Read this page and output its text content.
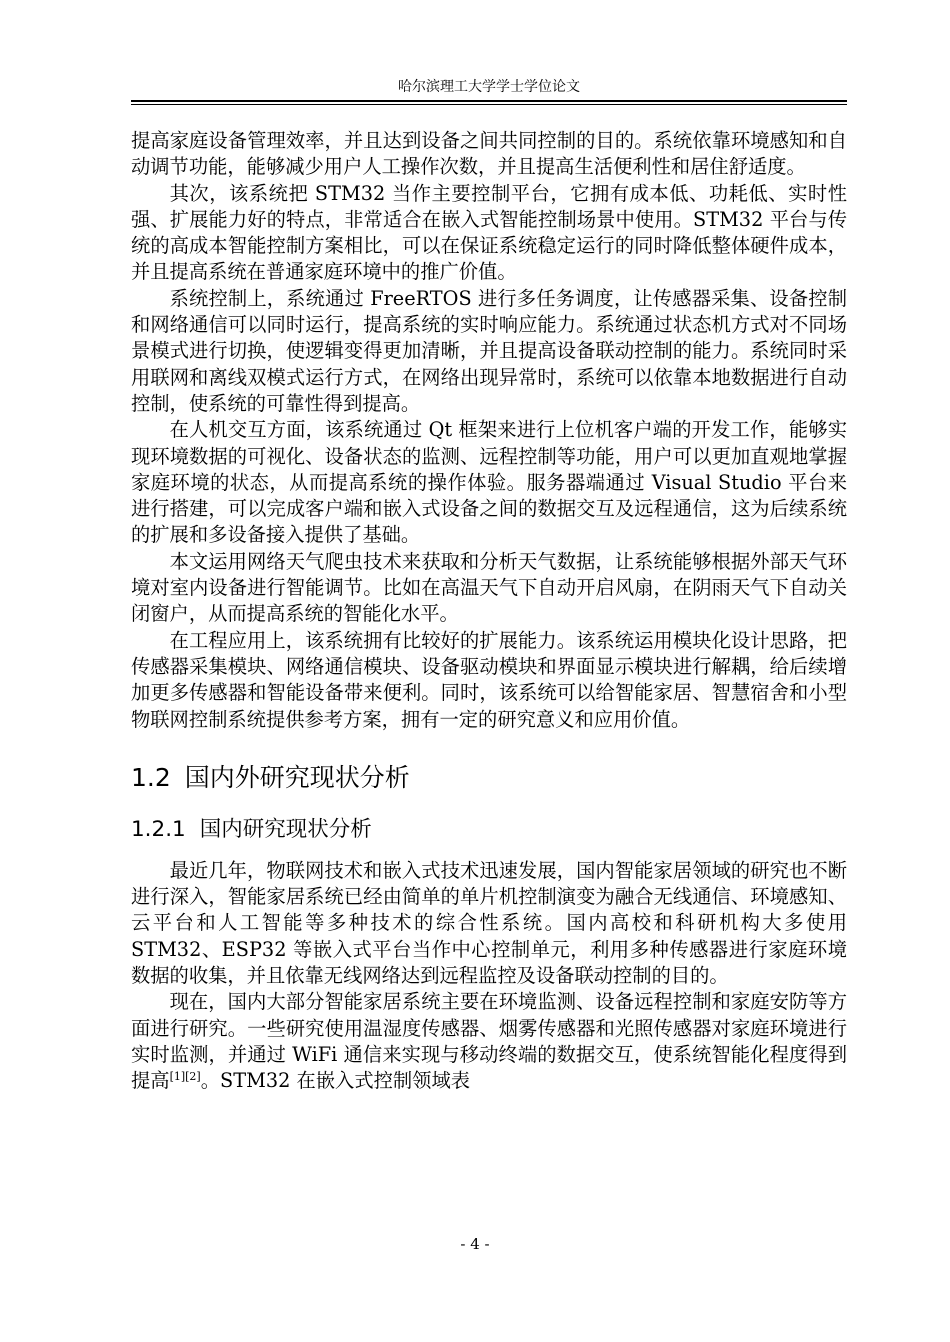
哈尔滨理工大学学士学位论文

提高家庭设备管理效率，并且达到设备之间共同控制的目的。系统依靠环境感知和自动调节功能，能够减少用户人工操作次数，并且提高生活便利性和居住舒适度。

其次，该系统把 STM32 当作主要控制平台，它拥有成本低、功耗低、实时性强、扩展能力好的特点，非常适合在嵌入式智能控制场景中使用。STM32 平台与传统的高成本智能控制方案相比，可以在保证系统稳定运行的同时降低整体硬件成本，并且提高系统在普通家庭环境中的推广价值。

系统控制上，系统通过 FreeRTOS 进行多任务调度，让传感器采集、设备控制和网络通信可以同时运行，提高系统的实时响应能力。系统通过状态机方式对不同场景模式进行切换，使逻辑变得更加清晰，并且提高设备联动控制的能力。系统同时采用联网和离线双模式运行方式，在网络出现异常时，系统可以依靠本地数据进行自动控制，使系统的可靠性得到提高。

在人机交互方面，该系统通过 Qt 框架来进行上位机客户端的开发工作，能够实现环境数据的可视化、设备状态的监测、远程控制等功能，用户可以更加直观地掌握家庭环境的状态，从而提高系统的操作体验。服务器端通过 Visual Studio 平台来进行搭建，可以完成客户端和嵌入式设备之间的数据交互及远程通信，这为后续系统的扩展和多设备接入提供了基础。

本文运用网络天气爬虫技术来获取和分析天气数据，让系统能够根据外部天气环境对室内设备进行智能调节。比如在高温天气下自动开启风扇，在阴雨天气下自动关闭窗户，从而提高系统的智能化水平。

在工程应用上，该系统拥有比较好的扩展能力。该系统运用模块化设计思路，把传感器采集模块、网络通信模块、设备驱动模块和界面显示模块进行解耦，给后续增加更多传感器和智能设备带来便利。同时，该系统可以给智能家居、智慧宿舍和小型物联网控制系统提供参考方案，拥有一定的研究意义和应用价值。

1.2 国内外研究现状分析
1.2.1 国内研究现状分析

最近几年，物联网技术和嵌入式技术迅速发展，国内智能家居领域的研究也不断进行深入，智能家居系统已经由简单的单片机控制演变为融合无线通信、环境感知、云平台和人工智能等多种技术的综合性系统。国内高校和科研机构大多使用 STM32、ESP32 等嵌入式平台当作中心控制单元，利用多种传感器进行家庭环境数据的收集，并且依靠无线网络达到远程监控及设备联动控制的目的。

现在，国内大部分智能家居系统主要在环境监测、设备远程控制和家庭安防等方面进行研究。一些研究使用温湿度传感器、烟雾传感器和光照传感器对家庭环境进行实时监测，并通过 WiFi 通信来实现与移动终端的数据交互，使系统智能化程度得到提高[1][2]。STM32 在嵌入式控制领域表

- 4 -
